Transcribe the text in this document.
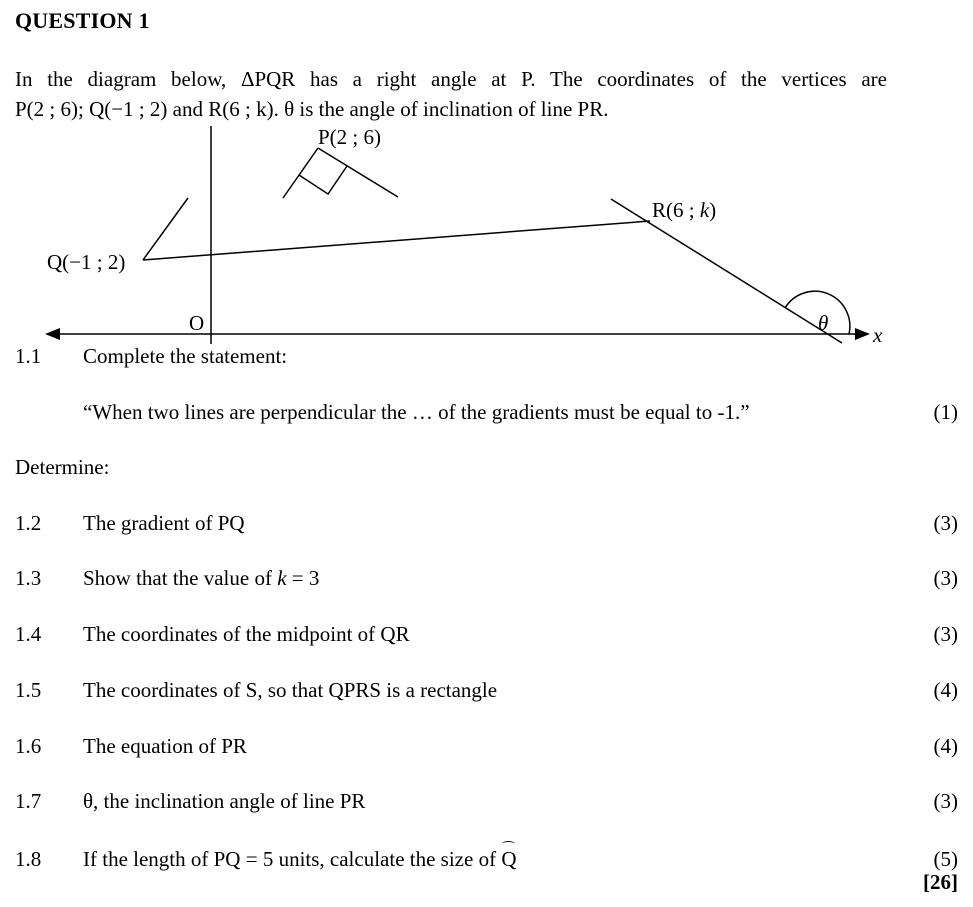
QUESTION 1

In the diagram below, ΔPQR has a right angle at P. The coordinates of the vertices are

P(2 ; 6); Q(−1 ; 2) and R(6 ; k). θ is the angle of inclination of line PR.

P(2 ; 6)
Q(−1 ; 2)
R(6 ; k)
O	x
θ
1.1 Complete the statement:
“When two lines are perpendicular the … of the gradients must be equal to -1.”	(1)
Determine:
1.2 The gradient of PQ	(3)
1.3 Show that the value of k = 3	(3)
1.4 The coordinates of the midpoint of QR	(3)
1.5 The coordinates of S, so that QPRS is a rectangle	(4)
1.6 The equation of PR	(4)
1.7 θ, the inclination angle of line PR	(3)
1.8 If the length of PQ = 5 units, calculate the size of Q	(5)
[26]
